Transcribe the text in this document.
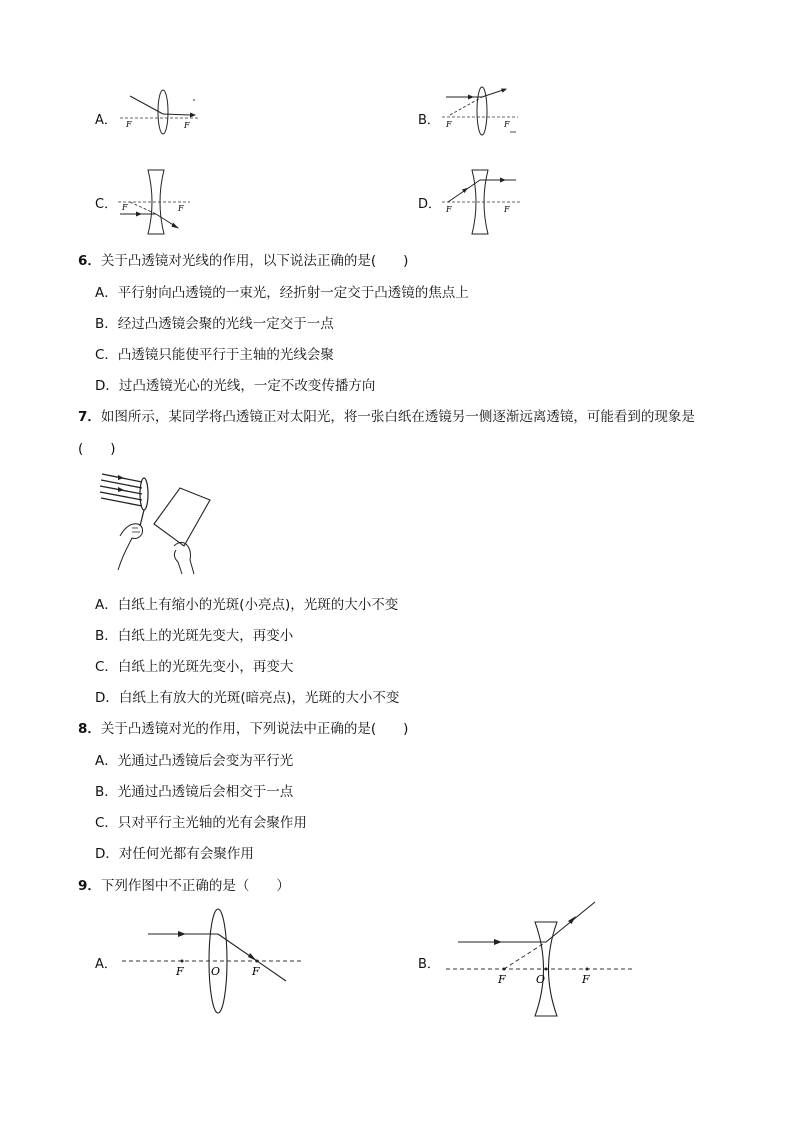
A． F	F	B． F	F
C． F	F	D． F	F
6．关于凸透镜对光线的作用，以下说法正确的是(　　)
A．平行射向凸透镜的一束光，经折射一定交于凸透镜的焦点上
B．经过凸透镜会聚的光线一定交于一点
C．凸透镜只能使平行于主轴的光线会聚
D．过凸透镜光心的光线，一定不改变传播方向
7．如图所示，某同学将凸透镜正对太阳光，将一张白纸在透镜另一侧逐渐远离透镜，可能看到的现象是
(　　)
A．白纸上有缩小的光斑(小亮点)，光斑的大小不变
B．白纸上的光斑先变大，再变小
C．白纸上的光斑先变小，再变大
D．白纸上有放大的光斑(暗亮点)，光斑的大小不变
8．关于凸透镜对光的作用，下列说法中正确的是(　　)
A．光通过凸透镜后会变为平行光
B．光通过凸透镜后会相交于一点
C．只对平行主光轴的光有会聚作用
D．对任何光都有会聚作用
9．下列作图中不正确的是（　　）
A．	F O	F	B．
F	O	F
